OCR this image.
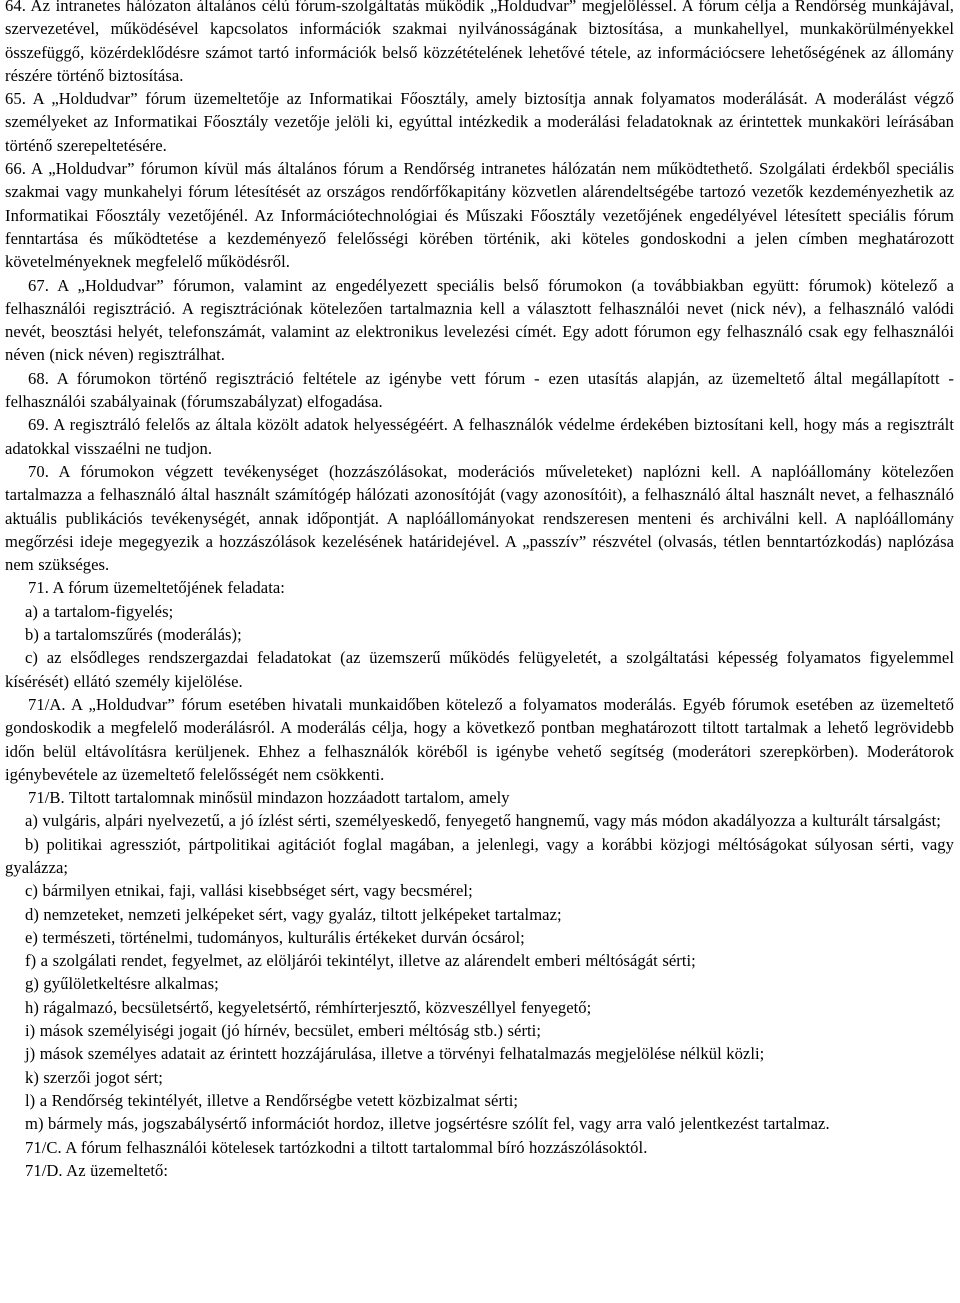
64. Az intranetes hálózaton általános célú fórum-szolgáltatás működik „Holdudvar” megjelöléssel. A fórum célja a Rendőrség munkájával, szervezetével, működésével kapcsolatos információk szakmai nyilvánosságának biztosítása, a munkahellyel, munkakörülményekkel összefüggő, közérdeklődésre számot tartó információk belső közzétételének lehetővé tétele, az információcsere lehetőségének az állomány részére történő biztosítása.

65. A „Holdudvar” fórum üzemeltetője az Informatikai Főosztály, amely biztosítja annak folyamatos moderálását. A moderálást végző személyeket az Informatikai Főosztály vezetője jelöli ki, egyúttal intézkedik a moderálási feladatoknak az érintettek munkaköri leírásában történő szerepeltetésére.

66. A „Holdudvar” fórumon kívül más általános fórum a Rendőrség intranetes hálózatán nem működtethető. Szolgálati érdekből speciális szakmai vagy munkahelyi fórum létesítését az országos rendőrfőkapitány közvetlen alárendeltségébe tartozó vezetők kezdeményezhetik az Informatikai Főosztály vezetőjénél. Az Információtechnológiai és Műszaki Főosztály vezetőjének engedélyével létesített speciális fórum fenntartása és működtetése a kezdeményező felelősségi körében történik, aki köteles gondoskodni a jelen címben meghatározott követelményeknek megfelelő működésről.

67. A „Holdudvar” fórumon, valamint az engedélyezett speciális belső fórumokon (a továbbiakban együtt: fórumok) kötelező a felhasználói regisztráció. A regisztrációnak kötelezően tartalmaznia kell a választott felhasználói nevet (nick név), a felhasználó valódi nevét, beosztási helyét, telefonszámát, valamint az elektronikus levelezési címét. Egy adott fórumon egy felhasználó csak egy felhasználói néven (nick néven) regisztrálhat.

68. A fórumokon történő regisztráció feltétele az igénybe vett fórum - ezen utasítás alapján, az üzemeltető által megállapított - felhasználói szabályainak (fórumszabályzat) elfogadása.

69. A regisztráló felelős az általa közölt adatok helyességéért. A felhasználók védelme érdekében biztosítani kell, hogy más a regisztrált adatokkal visszaélni ne tudjon.

70. A fórumokon végzett tevékenységet (hozzászólásokat, moderációs műveleteket) naplózni kell. A naplóállomány kötelezően tartalmazza a felhasználó által használt számítógép hálózati azonosítóját (vagy azonosítóit), a felhasználó által használt nevet, a felhasználó aktuális publikációs tevékenységét, annak időpontját. A naplóállományokat rendszeresen menteni és archiválni kell. A naplóállomány megőrzési ideje megegyezik a hozzászólások kezelésének határidejével. A „passzív” részvétel (olvasás, tétlen benntartózkodás) naplózása nem szükséges.

71. A fórum üzemeltetőjének feladata:

a) a tartalom-figyelés;

b) a tartalomszűrés (moderálás);

c) az elsődleges rendszergazdai feladatokat (az üzemszerű működés felügyeletét, a szolgáltatási képesség folyamatos figyelemmel kísérését) ellátó személy kijelölése.

71/A. A „Holdudvar” fórum esetében hivatali munkaidőben kötelező a folyamatos moderálás. Egyéb fórumok esetében az üzemeltető gondoskodik a megfelelő moderálásról. A moderálás célja, hogy a következő pontban meghatározott tiltott tartalmak a lehető legrövidebb időn belül eltávolításra kerüljenek. Ehhez a felhasználók köréből is igénybe vehető segítség (moderátori szerepkörben). Moderátorok igénybevétele az üzemeltető felelősségét nem csökkenti.

71/B. Tiltott tartalomnak minősül mindazon hozzáadott tartalom, amely

a) vulgáris, alpári nyelvezetű, a jó ízlést sérti, személyeskedő, fenyegető hangnemű, vagy más módon akadályozza a kulturált társalgást;

b) politikai agressziót, pártpolitikai agitációt foglal magában, a jelenlegi, vagy a korábbi közjogi méltóságokat súlyosan sérti, vagy gyalázza;

c) bármilyen etnikai, faji, vallási kisebbséget sért, vagy becsmérel;

d) nemzeteket, nemzeti jelképeket sért, vagy gyaláz, tiltott jelképeket tartalmaz;

e) természeti, történelmi, tudományos, kulturális értékeket durván ócsárol;

f) a szolgálati rendet, fegyelmet, az elöljárói tekintélyt, illetve az alárendelt emberi méltóságát sérti;

g) gyűlöletkeltésre alkalmas;

h) rágalmazó, becsületsértő, kegyeletsértő, rémhírterjesztő, közveszéllyel fenyegető;

i) mások személyiségi jogait (jó hírnév, becsület, emberi méltóság stb.) sérti;

j) mások személyes adatait az érintett hozzájárulása, illetve a törvényi felhatalmazás megjelölése nélkül közli;

k) szerzői jogot sért;

l) a Rendőrség tekintélyét, illetve a Rendőrségbe vetett közbizalmat sérti;

m) bármely más, jogszabálysértő információt hordoz, illetve jogsértésre szólít fel, vagy arra való jelentkezést tartalmaz.

71/C. A fórum felhasználói kötelesek tartózkodni a tiltott tartalommal bíró hozzászólásoktól.

71/D. Az üzemeltető:
